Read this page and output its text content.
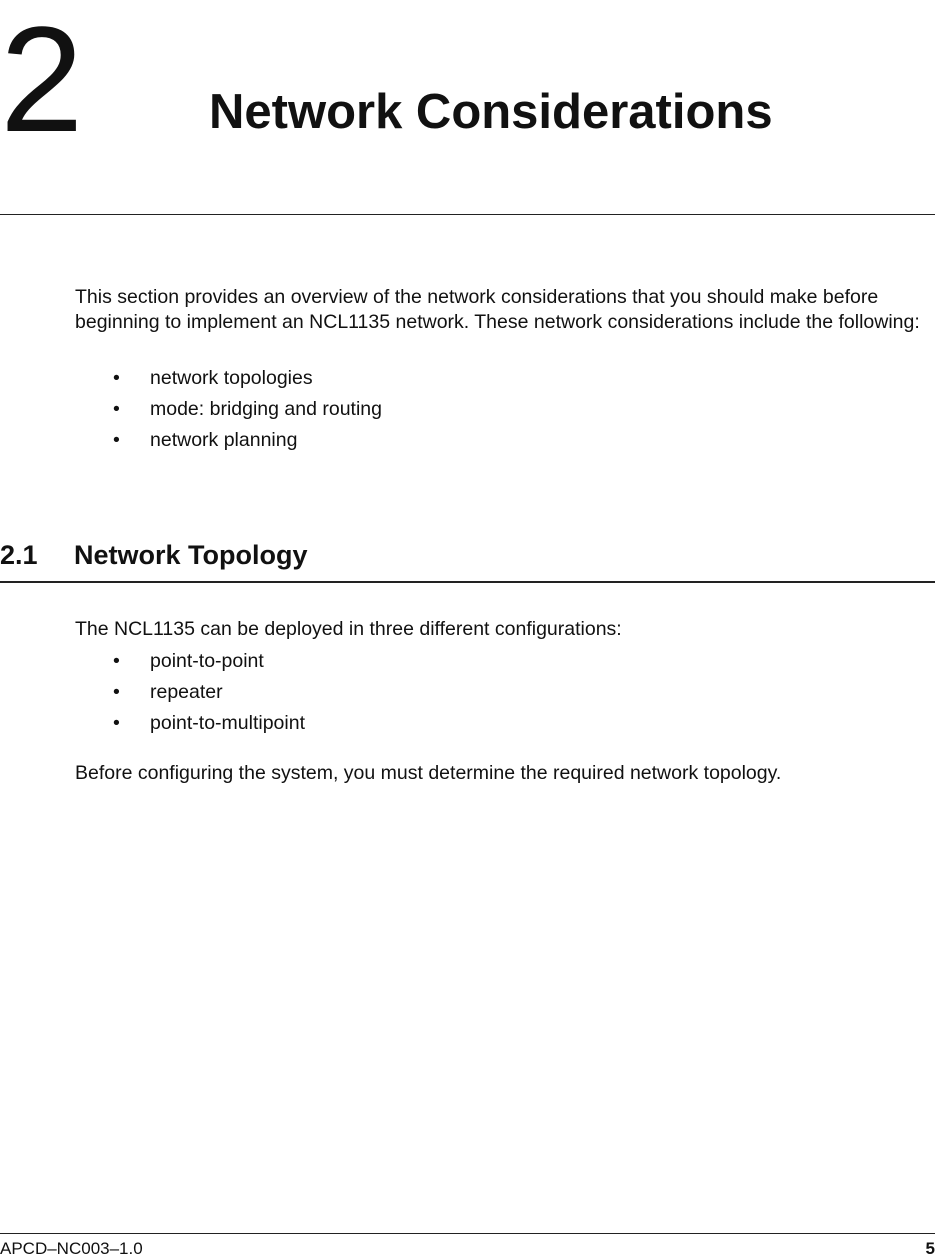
2	Network Considerations

This section provides an overview of the network considerations that you should make before beginning to implement an NCL1135 network. These network considerations include the following:

• network topologies
• mode: bridging and routing
• network planning
2.1 Network Topology

The NCL1135 can be deployed in three different configurations:

• point-to-point
• repeater
• point-to-multipoint

Before configuring the system, you must determine the required network topology.

APCD–NC003–1.0	5
